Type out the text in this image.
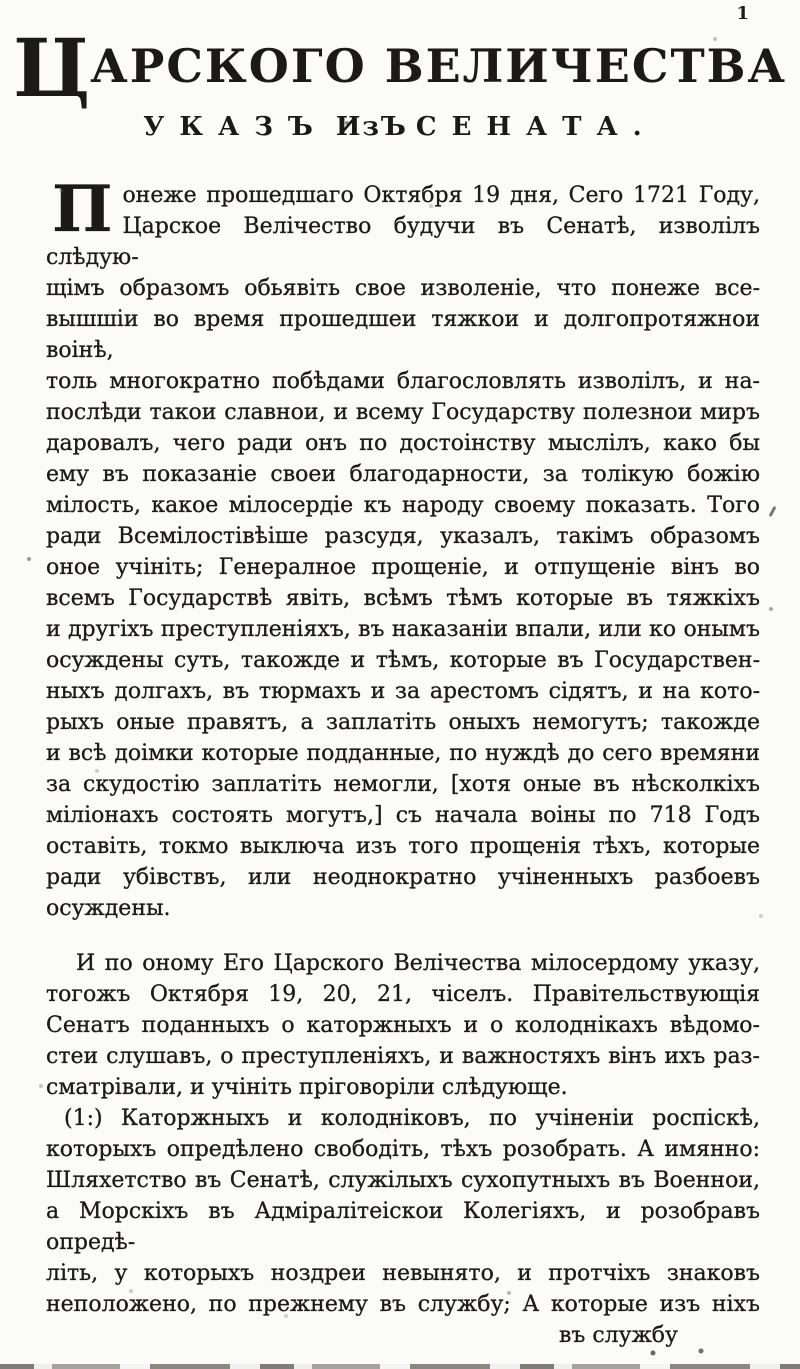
1
ЦАРСКОГО ВЕЛИЧЕСТВА
УКАЗЪ ИзЪ СЕНАТА.
П онеже прошедшаго Октября 19 дня, Сего 1721 Году,
Царское Велічество будучи въ Сенатѣ, изволілъ слѣдую-
щімъ образомъ обьявіть свое изволеніе, что понеже все-
вышшіи во время прошедшеи тяжкои и долгопротяжнои воінѣ,
толь многократно побѣдами благословлять изволілъ, и на-
послѣди такои славнои, и всему Государству полезнои миръ
даровалъ, чего ради онъ по достоінству мыслілъ, како бы
ему въ показаніе своеи благодарности, за толікую божію
мілость, какое мілосердіе къ народу своему показать. Того
ради Всемілостівѣіше разсудя, указалъ, такімъ образомъ
оное учініть; Генералное прощеніе, и отпущеніе вінъ во
всемъ Государствѣ явіть, всѣмъ тѣмъ которые въ тяжкіхъ
и другіхъ преступленіяхъ, въ наказаніи впали, или ко онымъ
осуждены суть, такожде и тѣмъ, которые въ Государствен-
ныхъ долгахъ, въ тюрмахъ и за арестомъ сідятъ, и на кото-
рыхъ оные правятъ, а заплатіть оныхъ немогутъ; такожде
и всѣ доімки которые подданные, по нуждѣ до сего времяни
за скудостію заплатіть немогли, [хотя оные въ нѣсколкіхъ
міліонахъ состоять могутъ,] съ начала воіны по 718 Годъ
оставіть, токмо выключа изъ того прощенія тѣхъ, которые
ради убівствъ, или неоднократно учіненныхъ разбоевъ
осуждены.
И по оному Его Царского Велічества мілосердому указу,
тогожъ Октября 19, 20, 21, чіселъ. Правітельствующія
Сенатъ поданныхъ о каторжныхъ и о колоднікахъ вѣдомо-
стеи слушавъ, о преступленіяхъ, и важностяхъ вінъ ихъ раз-
сматрівали, и учініть пріговоріли слѣдующе.
(1:) Каторжныхъ и колодніковъ, по учіненіи роспіскѣ,
которыхъ опредѣлено свободіть, тѣхъ розобрать. А имянно:
Шляхетство въ Сенатѣ, служілыхъ сухопутныхъ въ Военнои,
а Морскіхъ въ Адміралітеіскои Колегіяхъ, и розобравъ опредѣ-
літь, у которыхъ ноздреи невынято, и протчіхъ знаковъ
неположено, по прежнему въ службу; А которые изъ ніхъ
въ службу
